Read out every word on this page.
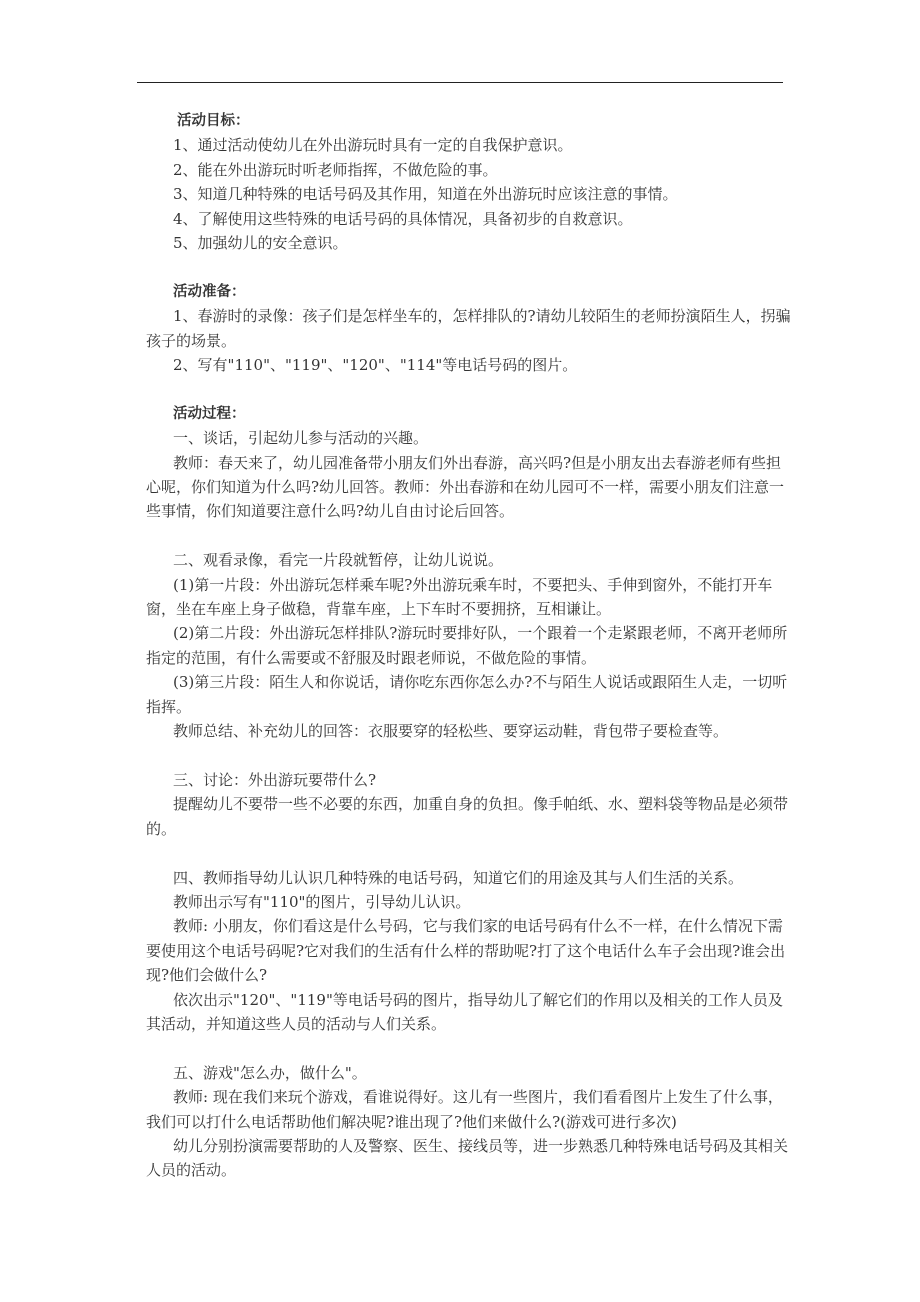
活动目标：

1、通过活动使幼儿在外出游玩时具有一定的自我保护意识。

2、能在外出游玩时听老师指挥，不做危险的事。

3、知道几种特殊的电话号码及其作用，知道在外出游玩时应该注意的事情。

4、了解使用这些特殊的电话号码的具体情况，具备初步的自救意识。

5、加强幼儿的安全意识。

活动准备：

1、春游时的录像：孩子们是怎样坐车的，怎样排队的?请幼儿较陌生的老师扮演陌生人，拐骗孩子的场景。

2、写有"110"、"119"、"120"、"114"等电话号码的图片。

活动过程：

一、谈话，引起幼儿参与活动的兴趣。

教师：春天来了，幼儿园准备带小朋友们外出春游，高兴吗?但是小朋友出去春游老师有些担心呢，你们知道为什么吗?幼儿回答。教师：外出春游和在幼儿园可不一样，需要小朋友们注意一些事情，你们知道要注意什么吗?幼儿自由讨论后回答。

二、观看录像，看完一片段就暂停，让幼儿说说。

(1)第一片段：外出游玩怎样乘车呢?外出游玩乘车时，不要把头、手伸到窗外，不能打开车窗，坐在车座上身子做稳，背靠车座，上下车时不要拥挤，互相谦让。

(2)第二片段：外出游玩怎样排队?游玩时要排好队，一个跟着一个走紧跟老师，不离开老师所指定的范围，有什么需要或不舒服及时跟老师说，不做危险的事情。

(3)第三片段：陌生人和你说话，请你吃东西你怎么办?不与陌生人说话或跟陌生人走，一切听指挥。

教师总结、补充幼儿的回答：衣服要穿的轻松些、要穿运动鞋，背包带子要检查等。

三、讨论：外出游玩要带什么?

提醒幼儿不要带一些不必要的东西，加重自身的负担。像手帕纸、水、塑料袋等物品是必须带的。

四、教师指导幼儿认识几种特殊的电话号码，知道它们的用途及其与人们生活的关系。

教师出示写有"110"的图片，引导幼儿认识。

教师: 小朋友，你们看这是什么号码，它与我们家的电话号码有什么不一样，在什么情况下需要使用这个电话号码呢?它对我们的生活有什么样的帮助呢?打了这个电话什么车子会出现?谁会出现?他们会做什么?

依次出示"120"、"119"等电话号码的图片，指导幼儿了解它们的作用以及相关的工作人员及其活动，并知道这些人员的活动与人们关系。

五、游戏"怎么办，做什么"。

教师: 现在我们来玩个游戏，看谁说得好。这儿有一些图片，我们看看图片上发生了什么事，我们可以打什么电话帮助他们解决呢?谁出现了?他们来做什么?(游戏可进行多次)

幼儿分别扮演需要帮助的人及警察、医生、接线员等，进一步熟悉几种特殊电话号码及其相关人员的活动。
